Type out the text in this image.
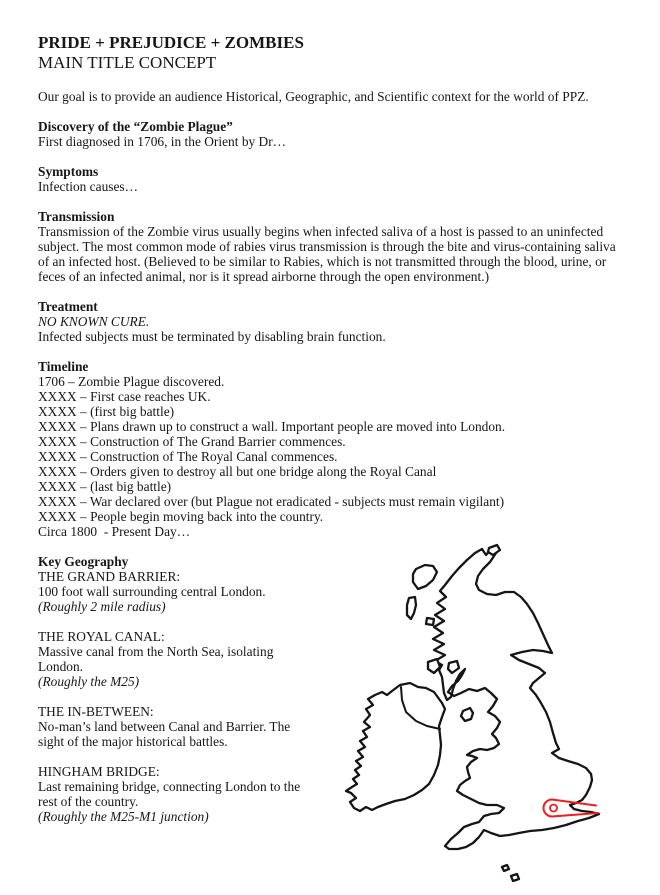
PRIDE + PREJUDICE + ZOMBIES
MAIN TITLE CONCEPT
Our goal is to provide an audience Historical, Geographic, and Scientific context for the world of PPZ.
Discovery of the “Zombie Plague”
First diagnosed in 1706, in the Orient by Dr…
Symptoms
Infection causes…
Transmission
Transmission of the Zombie virus usually begins when infected saliva of a host is passed to an uninfected
subject. The most common mode of rabies virus transmission is through the bite and virus-containing saliva
of an infected host. (Believed to be similar to Rabies, which is not transmitted through the blood, urine, or
feces of an infected animal, nor is it spread airborne through the open environment.)
Treatment
NO KNOWN CURE.
Infected subjects must be terminated by disabling brain function.
Timeline
1706 – Zombie Plague discovered.
XXXX – First case reaches UK.
XXXX – (first big battle)
XXXX – Plans drawn up to construct a wall. Important people are moved into London.
XXXX – Construction of The Grand Barrier commences.
XXXX – Construction of The Royal Canal commences.
XXXX – Orders given to destroy all but one bridge along the Royal Canal
XXXX – (last big battle)
XXXX – War declared over (but Plague not eradicated - subjects must remain vigilant)
XXXX – People begin moving back into the country.
Circa 1800  - Present Day…
Key Geography
THE GRAND BARRIER:
100 foot wall surrounding central London.
(Roughly 2 mile radius)
THE ROYAL CANAL:
Massive canal from the North Sea, isolating
London.
(Roughly the M25)
THE IN-BETWEEN:
No-man’s land between Canal and Barrier. The
sight of the major historical battles.
HINGHAM BRIDGE:
Last remaining bridge, connecting London to the
rest of the country.
(Roughly the M25-M1 junction)
